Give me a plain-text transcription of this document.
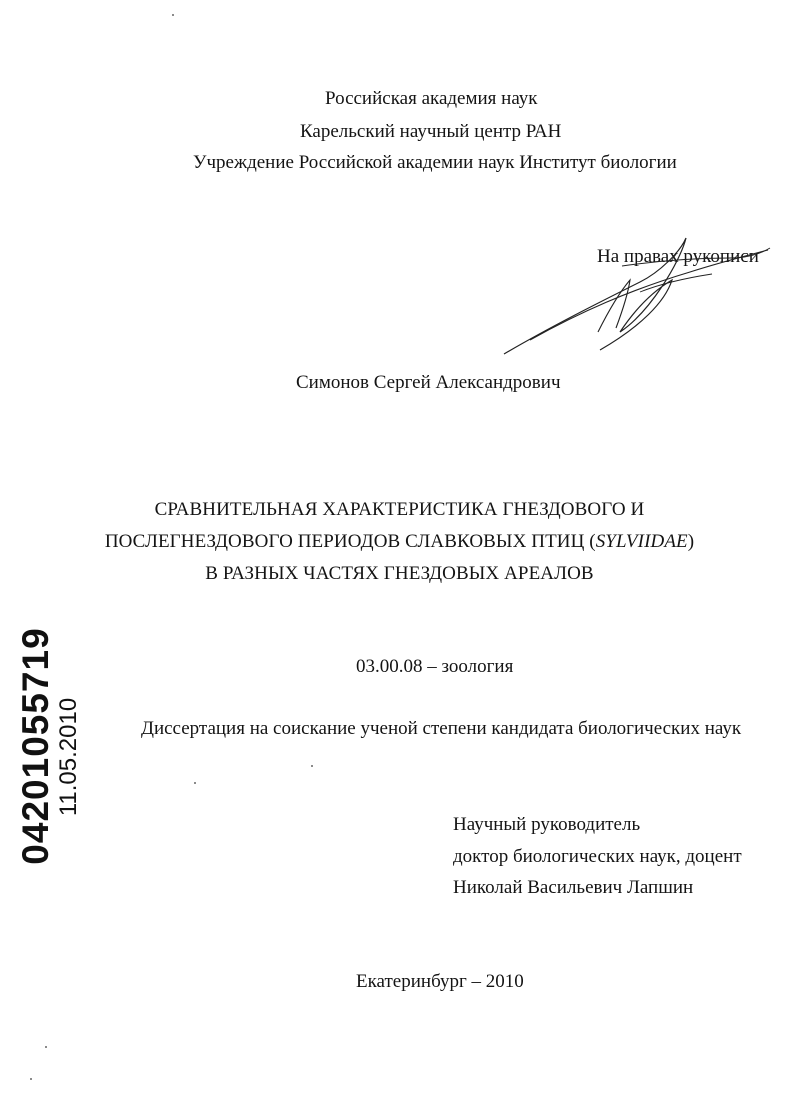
Российская академия наук
Карельский научный центр РАН
Учреждение Российской академии наук Институт биологии
На правах рукописи
Симонов Сергей Александрович
СРАВНИТЕЛЬНАЯ ХАРАКТЕРИСТИКА ГНЕЗДОВОГО И
ПОСЛЕГНЕЗДОВОГО ПЕРИОДОВ СЛАВКОВЫХ ПТИЦ (SYLVIIDAE)
В РАЗНЫХ ЧАСТЯХ ГНЕЗДОВЫХ АРЕАЛОВ
03.00.08 – зоология
Диссертация на соискание ученой степени кандидата биологических наук
Научный руководитель
доктор биологических наук, доцент
Николай Васильевич Лапшин
Екатеринбург – 2010
04201055719 11.05.2010
